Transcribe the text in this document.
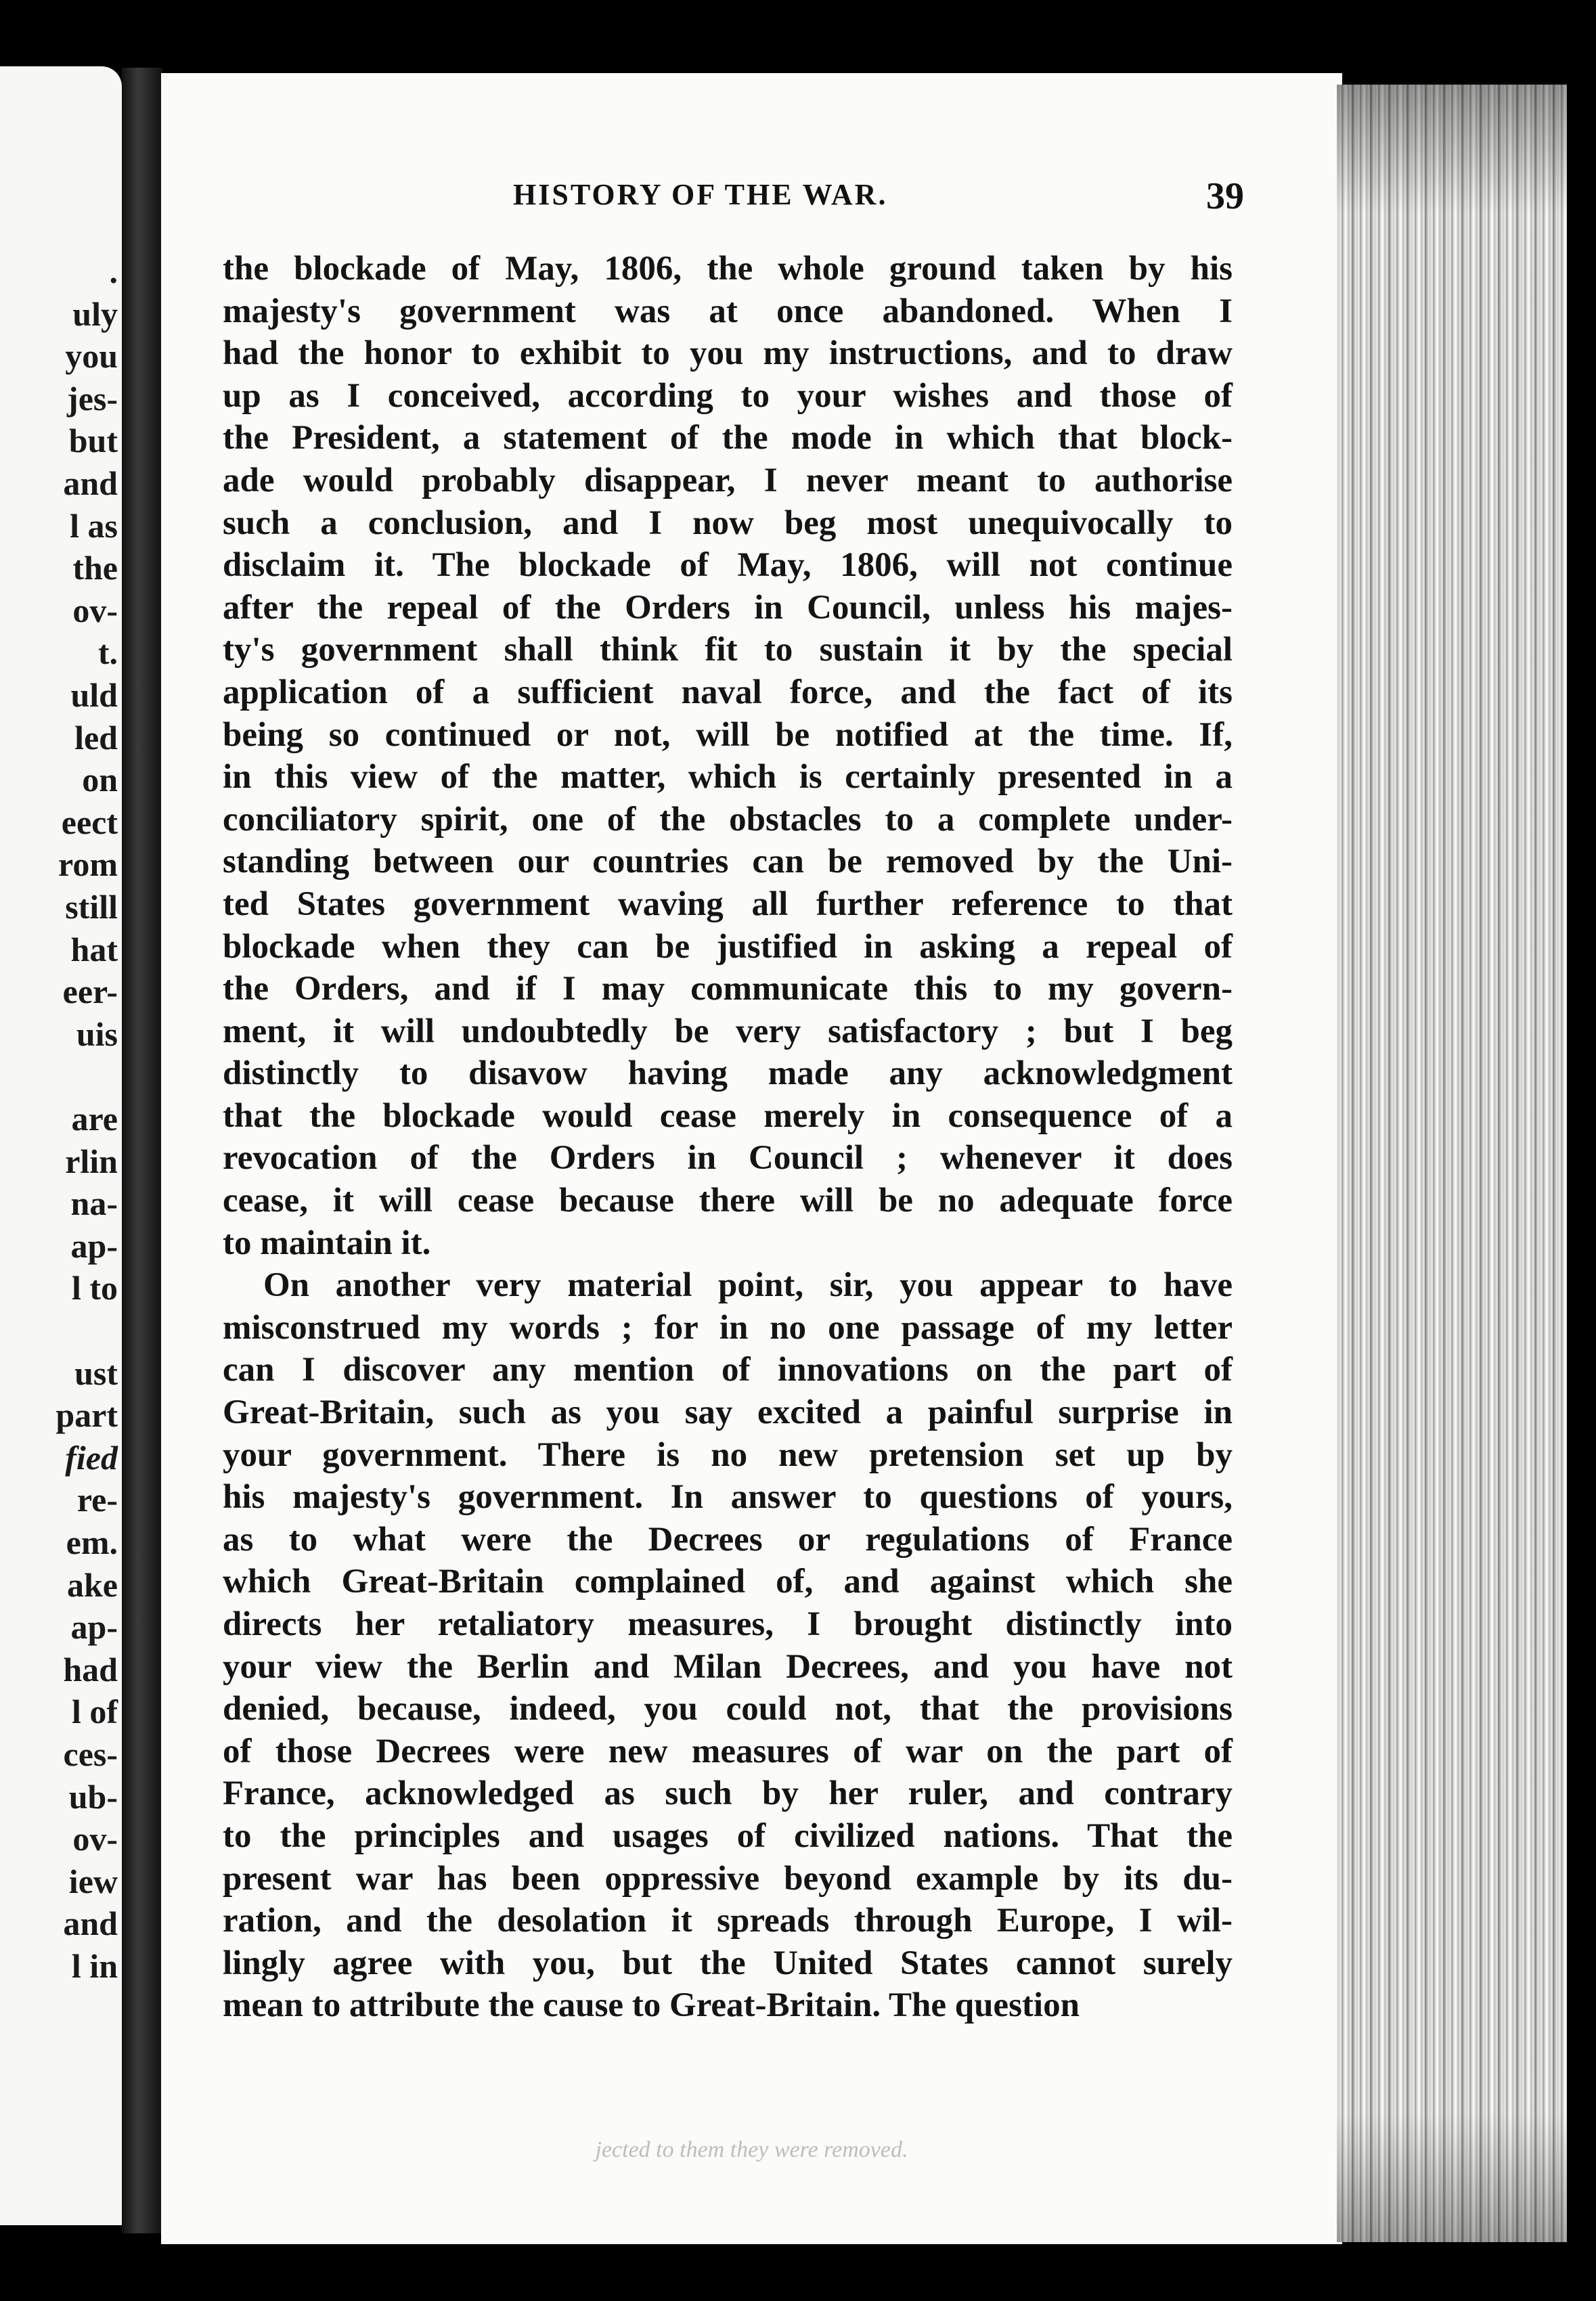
.
uly
you
jes-
but
and
l as
the
ov-
t.
uld
led
on
eect
rom
still
hat
eer-
uis
are
rlin
na-
ap-
l to
ust
part
fied
re-
em.
ake
ap-
had
l of
ces-
ub-
ov-
iew
and
l in
jected to them they were removed.
HISTORY OF THE WAR.	39
the blockade of May, 1806, the whole ground taken by his
majesty's government was at once abandoned. When I
had the honor to exhibit to you my instructions, and to draw
up as I conceived, according to your wishes and those of
the President, a statement of the mode in which that block-
ade would probably disappear, I never meant to authorise
such a conclusion, and I now beg most unequivocally to
disclaim it. The blockade of May, 1806, will not continue
after the repeal of the Orders in Council, unless his majes-
ty's government shall think fit to sustain it by the special
application of a sufficient naval force, and the fact of its
being so continued or not, will be notified at the time. If,
in this view of the matter, which is certainly presented in a
conciliatory spirit, one of the obstacles to a complete under-
standing between our countries can be removed by the Uni-
ted States government waving all further reference to that
blockade when they can be justified in asking a repeal of
the Orders, and if I may communicate this to my govern-
ment, it will undoubtedly be very satisfactory ; but I beg
distinctly to disavow having made any acknowledgment
that the blockade would cease merely in consequence of a
revocation of the Orders in Council ; whenever it does
cease, it will cease because there will be no adequate force
to maintain it.
On another very material point, sir, you appear to have
misconstrued my words ; for in no one passage of my letter
can I discover any mention of innovations on the part of
Great-Britain, such as you say excited a painful surprise in
your government. There is no new pretension set up by
his majesty's government. In answer to questions of yours,
as to what were the Decrees or regulations of France
which Great-Britain complained of, and against which she
directs her retaliatory measures, I brought distinctly into
your view the Berlin and Milan Decrees, and you have not
denied, because, indeed, you could not, that the provisions
of those Decrees were new measures of war on the part of
France, acknowledged as such by her ruler, and contrary
to the principles and usages of civilized nations. That the
present war has been oppressive beyond example by its du-
ration, and the desolation it spreads through Europe, I wil-
lingly agree with you, but the United States cannot surely
mean to attribute the cause to Great-Britain. The question
